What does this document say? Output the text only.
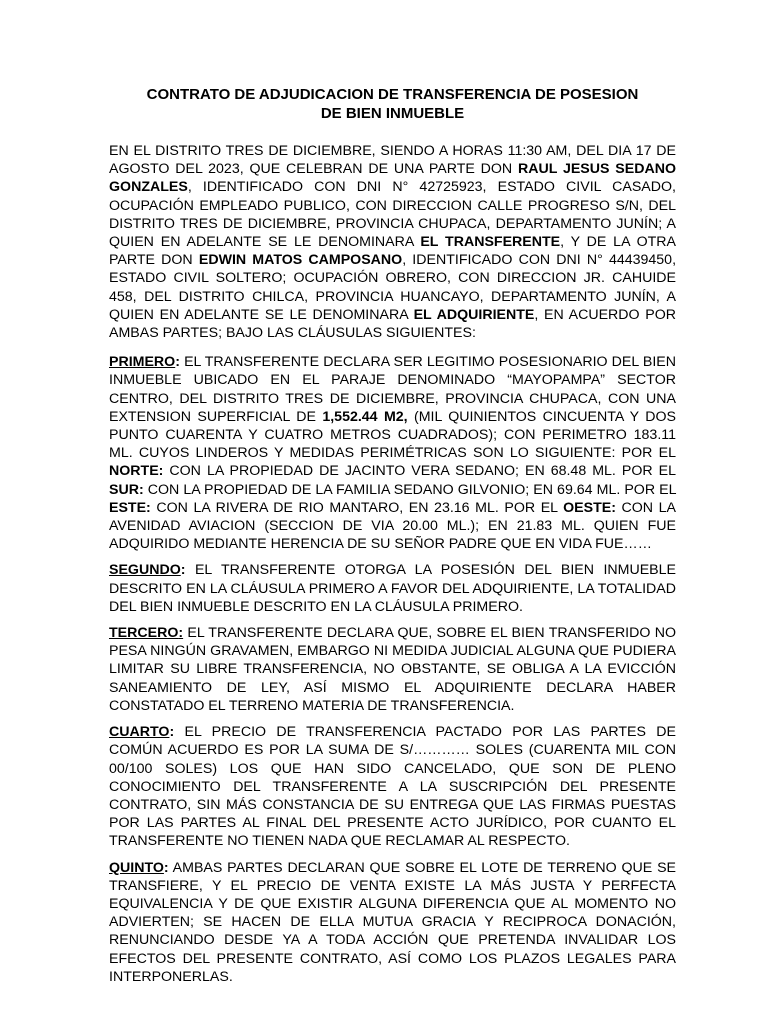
CONTRATO DE ADJUDICACION DE TRANSFERENCIA DE POSESION
DE BIEN INMUEBLE

EN EL DISTRITO TRES DE DICIEMBRE, SIENDO A HORAS 11:30 AM, DEL DIA 17 DE AGOSTO DEL 2023, QUE CELEBRAN DE UNA PARTE DON RAUL JESUS SEDANO GONZALES, IDENTIFICADO CON DNI N° 42725923, ESTADO CIVIL CASADO, OCUPACIÓN EMPLEADO PUBLICO, CON DIRECCION CALLE PROGRESO S/N, DEL DISTRITO TRES DE DICIEMBRE, PROVINCIA CHUPACA, DEPARTAMENTO JUNÍN; A QUIEN EN ADELANTE SE LE DENOMINARA EL TRANSFERENTE, Y DE LA OTRA PARTE DON EDWIN MATOS CAMPOSANO, IDENTIFICADO CON DNI N° 44439450, ESTADO CIVIL SOLTERO; OCUPACIÓN OBRERO, CON DIRECCION JR. CAHUIDE 458, DEL DISTRITO CHILCA, PROVINCIA HUANCAYO, DEPARTAMENTO JUNÍN, A QUIEN EN ADELANTE SE LE DENOMINARA EL ADQUIRIENTE, EN ACUERDO POR AMBAS PARTES; BAJO LAS CLÁUSULAS SIGUIENTES:

PRIMERO: EL TRANSFERENTE DECLARA SER LEGITIMO POSESIONARIO DEL BIEN INMUEBLE UBICADO EN EL PARAJE DENOMINADO “MAYOPAMPA” SECTOR CENTRO, DEL DISTRITO TRES DE DICIEMBRE, PROVINCIA CHUPACA, CON UNA EXTENSION SUPERFICIAL DE 1,552.44 M2, (MIL QUINIENTOS CINCUENTA Y DOS PUNTO CUARENTA Y CUATRO METROS CUADRADOS); CON PERIMETRO 183.11 ML. CUYOS LINDEROS Y MEDIDAS PERIMÉTRICAS SON LO SIGUIENTE: POR EL NORTE: CON LA PROPIEDAD DE JACINTO VERA SEDANO; EN 68.48 ML. POR EL SUR: CON LA PROPIEDAD DE LA FAMILIA SEDANO GILVONIO; EN 69.64 ML. POR EL ESTE: CON LA RIVERA DE RIO MANTARO, EN 23.16 ML. POR EL OESTE: CON LA AVENIDAD AVIACION (SECCION DE VIA 20.00 ML.); EN 21.83 ML. QUIEN FUE ADQUIRIDO MEDIANTE HERENCIA DE SU SEÑOR PADRE QUE EN VIDA FUE……

SEGUNDO: EL TRANSFERENTE OTORGA LA POSESIÓN DEL BIEN INMUEBLE DESCRITO EN LA CLÁUSULA PRIMERO A FAVOR DEL ADQUIRIENTE, LA TOTALIDAD DEL BIEN INMUEBLE DESCRITO EN LA CLÁUSULA PRIMERO.

TERCERO: EL TRANSFERENTE DECLARA QUE, SOBRE EL BIEN TRANSFERIDO NO PESA NINGÚN GRAVAMEN, EMBARGO NI MEDIDA JUDICIAL ALGUNA QUE PUDIERA LIMITAR SU LIBRE TRANSFERENCIA, NO OBSTANTE, SE OBLIGA A LA EVICCIÓN SANEAMIENTO DE LEY, ASÍ MISMO EL ADQUIRIENTE DECLARA HABER CONSTATADO EL TERRENO MATERIA DE TRANSFERENCIA.

CUARTO: EL PRECIO DE TRANSFERENCIA PACTADO POR LAS PARTES DE COMÚN ACUERDO ES POR LA SUMA DE S/………… SOLES (CUARENTA MIL CON 00/100 SOLES) LOS QUE HAN SIDO CANCELADO, QUE SON DE PLENO CONOCIMIENTO DEL TRANSFERENTE A LA SUSCRIPCIÓN DEL PRESENTE CONTRATO, SIN MÁS CONSTANCIA DE SU ENTREGA QUE LAS FIRMAS PUESTAS POR LAS PARTES AL FINAL DEL PRESENTE ACTO JURÍDICO, POR CUANTO EL TRANSFERENTE NO TIENEN NADA QUE RECLAMAR AL RESPECTO.

QUINTO: AMBAS PARTES DECLARAN QUE SOBRE EL LOTE DE TERRENO QUE SE TRANSFIERE, Y EL PRECIO DE VENTA EXISTE LA MÁS JUSTA Y PERFECTA EQUIVALENCIA Y DE QUE EXISTIR ALGUNA DIFERENCIA QUE AL MOMENTO NO ADVIERTEN; SE HACEN DE ELLA MUTUA GRACIA Y RECIPROCA DONACIÓN, RENUNCIANDO DESDE YA A TODA ACCIÓN QUE PRETENDA INVALIDAR LOS EFECTOS DEL PRESENTE CONTRATO, ASÍ COMO LOS PLAZOS LEGALES PARA INTERPONERLAS.
